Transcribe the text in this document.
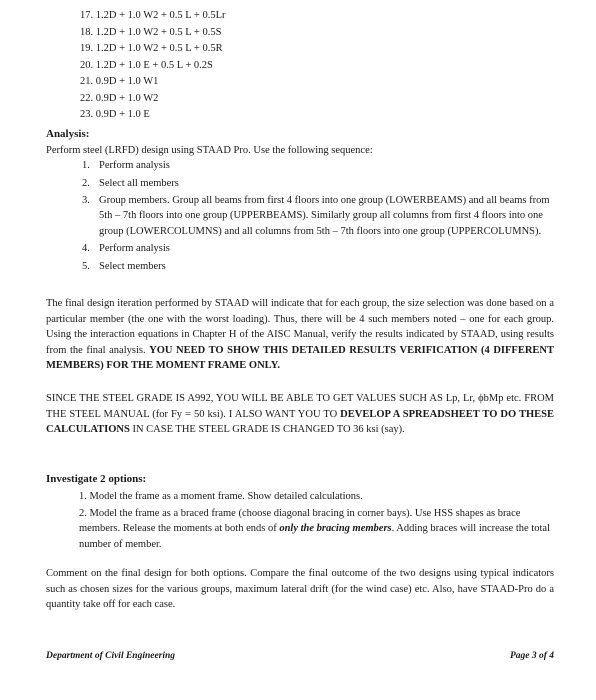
17. 1.2D + 1.0 W2 + 0.5 L + 0.5Lr
18. 1.2D + 1.0 W2 + 0.5 L + 0.5S
19. 1.2D + 1.0 W2 + 0.5 L + 0.5R
20. 1.2D + 1.0 E + 0.5 L + 0.2S
21. 0.9D + 1.0 W1
22. 0.9D + 1.0 W2
23. 0.9D + 1.0 E
Analysis:
Perform steel (LRFD) design using STAAD Pro. Use the following sequence:
1. Perform analysis
2. Select all members
3. Group members. Group all beams from first 4 floors into one group (LOWERBEAMS) and all beams from 5th – 7th floors into one group (UPPERBEAMS). Similarly group all columns from first 4 floors into one group (LOWERCOLUMNS) and all columns from 5th – 7th floors into one group (UPPERCOLUMNS).
4. Perform analysis
5. Select members

The final design iteration performed by STAAD will indicate that for each group, the size selection was done based on a particular member (the one with the worst loading). Thus, there will be 4 such members noted – one for each group. Using the interaction equations in Chapter H of the AISC Manual, verify the results indicated by STAAD, using results from the final analysis. YOU NEED TO SHOW THIS DETAILED RESULTS VERIFICATION (4 DIFFERENT MEMBERS) FOR THE MOMENT FRAME ONLY.

SINCE THE STEEL GRADE IS A992, YOU WILL BE ABLE TO GET VALUES SUCH AS Lp, Lr, ϕbMp etc. FROM THE STEEL MANUAL (for Fy = 50 ksi). I ALSO WANT YOU TO DEVELOP A SPREADSHEET TO DO THESE CALCULATIONS IN CASE THE STEEL GRADE IS CHANGED TO 36 ksi (say).

Investigate 2 options:
1. Model the frame as a moment frame. Show detailed calculations.
2. Model the frame as a braced frame (choose diagonal bracing in corner bays). Use HSS shapes as brace members. Release the moments at both ends of only the bracing members. Adding braces will increase the total number of member.

Comment on the final design for both options. Compare the final outcome of the two designs using typical indicators such as chosen sizes for the various groups, maximum lateral drift (for the wind case) etc. Also, have STAAD-Pro do a quantity take off for each case.

Department of Civil Engineering	Page 3 of 4
